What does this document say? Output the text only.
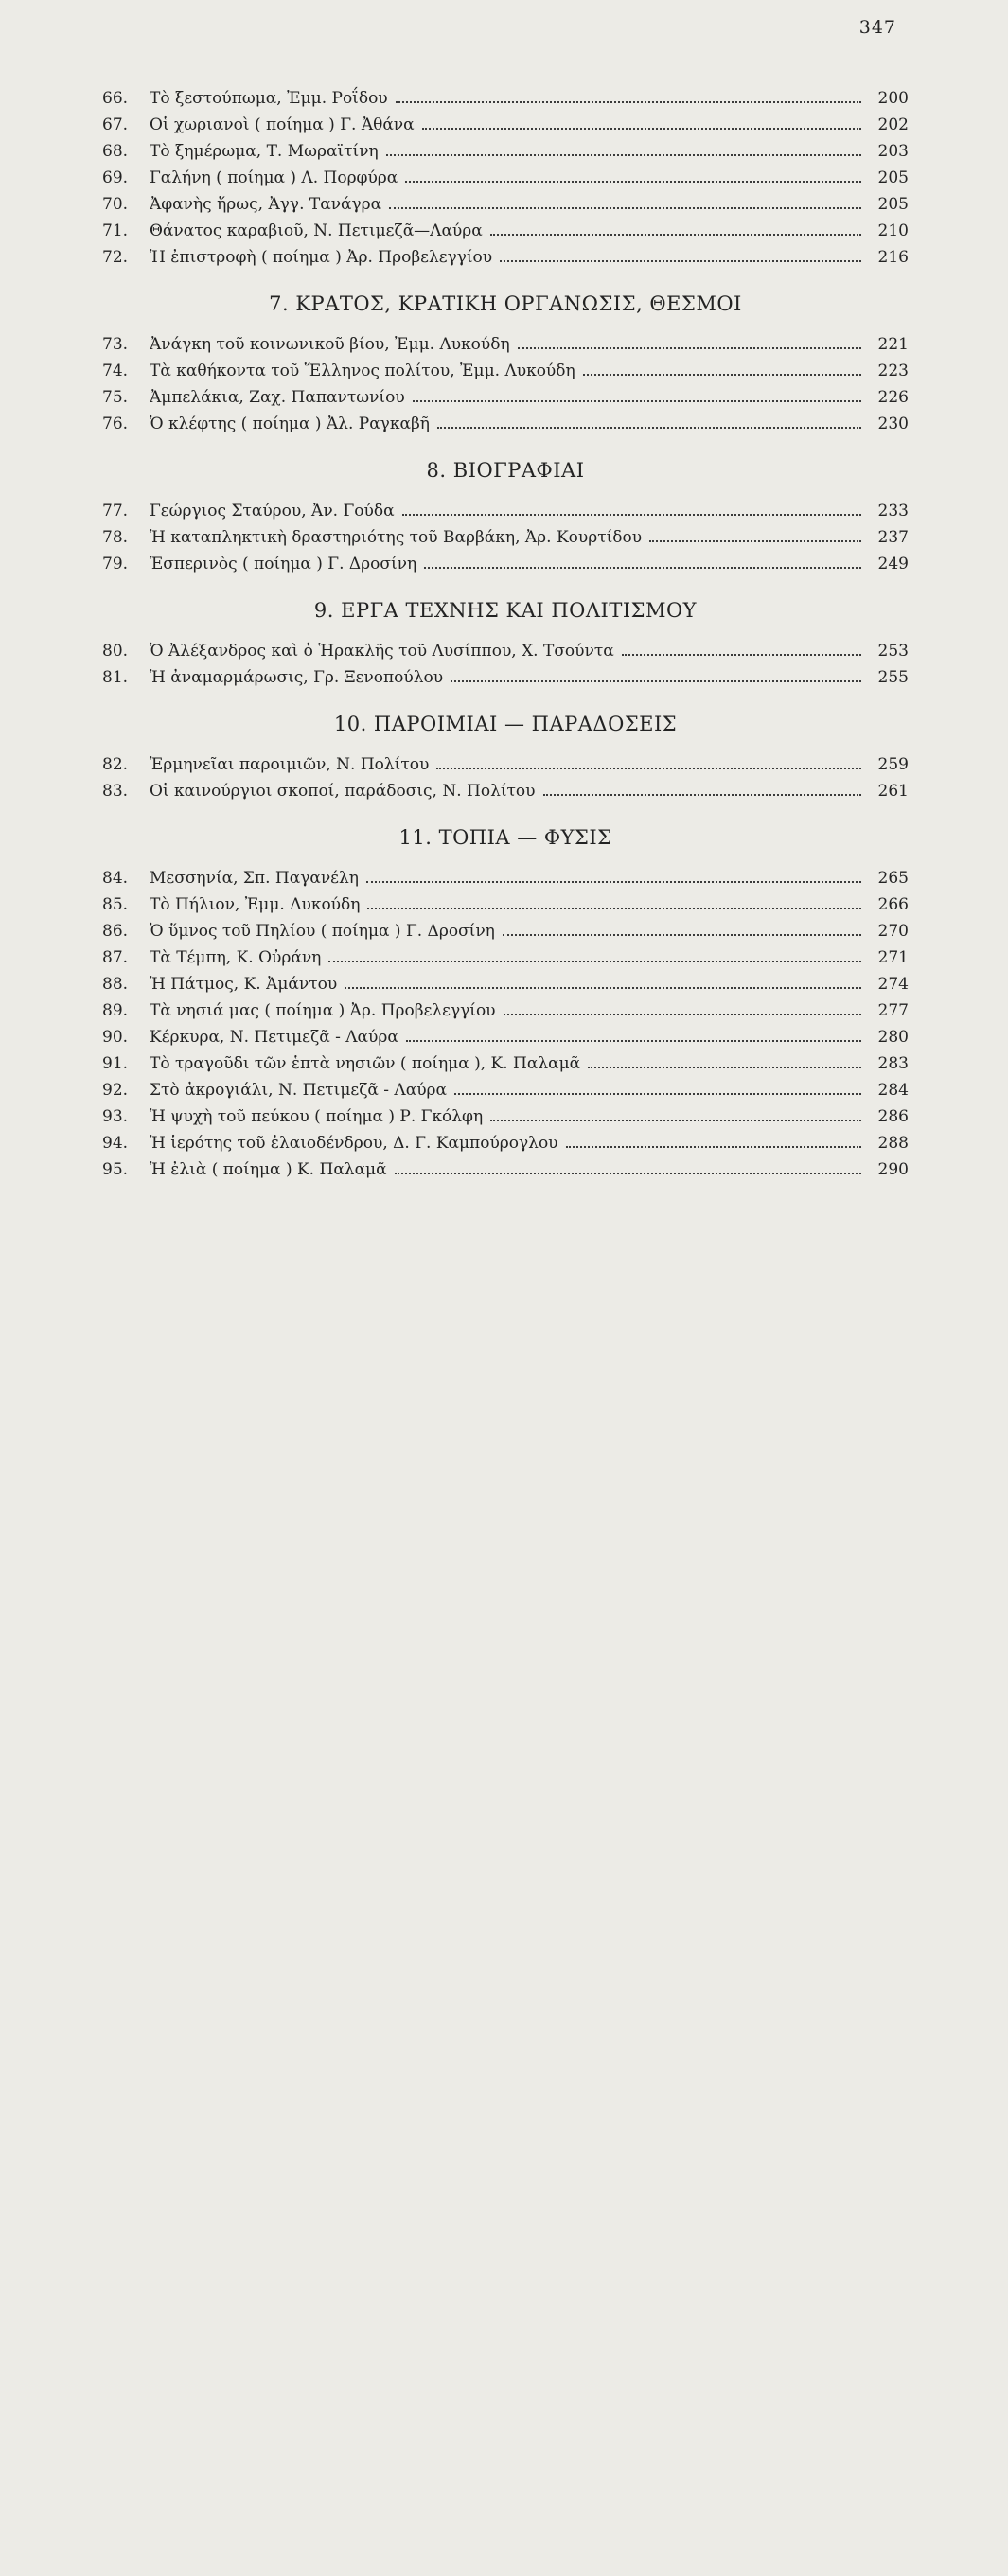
347
66.	Τὸ ξεστούπωμα, Ἐμμ. Ροΐδου	200
67.	Οἱ χωριανοὶ ( ποίημα ) Γ. Ἀθάνα	202
68.	Τὸ ξημέρωμα, Τ. Μωραϊτίνη	203
69.	Γαλήνη ( ποίημα ) Λ. Πορφύρα	205
70.	Ἀφανὴς ἥρως, Ἀγγ. Τανάγρα	205
71.	Θάνατος καραβιοῦ, Ν. Πετιμεζᾶ—Λαύρα	210
72.	Ἡ ἐπιστροφὴ ( ποίημα ) Ἀρ. Προβελεγγίου	216
7. ΚΡΑΤΟΣ, ΚΡΑΤΙΚΗ ΟΡΓΑΝΩΣΙΣ, ΘΕΣΜΟΙ
73.	Ἀνάγκη τοῦ κοινωνικοῦ βίου, Ἐμμ. Λυκούδη	221
74.	Τὰ καθήκοντα τοῦ Ἕλληνος πολίτου, Ἐμμ. Λυκούδη	223
75.	Ἀμπελάκια, Ζαχ. Παπαντωνίου	226
76.	Ὁ κλέφτης ( ποίημα ) Ἀλ. Ραγκαβῆ	230
8. ΒΙΟΓΡΑΦΙΑΙ
77.	Γεώργιος Σταύρου, Ἀν. Γούδα	233
78.	Ἡ καταπληκτικὴ δραστηριότης τοῦ Βαρβάκη, Ἀρ. Κουρτίδου	237
79.	Ἑσπερινὸς ( ποίημα ) Γ. Δροσίνη	249
9. ΕΡΓΑ ΤΕΧΝΗΣ ΚΑΙ ΠΟΛΙΤΙΣΜΟΥ
80.	Ὁ Ἀλέξανδρος καὶ ὁ Ἡρακλῆς τοῦ Λυσίππου, Χ. Τσούντα	253
81.	Ἡ ἀναμαρμάρωσις, Γρ. Ξενοπούλου	255
10. ΠΑΡΟΙΜΙΑΙ — ΠΑΡΑΔΟΣΕΙΣ
82.	Ἑρμηνεῖαι παροιμιῶν, Ν. Πολίτου	259
83.	Οἱ καινούργιοι σκοποί, παράδοσις, Ν. Πολίτου	261
11. ΤΟΠΙΑ — ΦΥΣΙΣ
84.	Μεσσηνία, Σπ. Παγανέλη	265
85.	Τὸ Πήλιον, Ἐμμ. Λυκούδη	266
86.	Ὁ ὕμνος τοῦ Πηλίου ( ποίημα ) Γ. Δροσίνη	270
87.	Τὰ Τέμπη, Κ. Οὐράνη	271
88.	Ἡ Πάτμος, Κ. Ἀμάντου	274
89.	Τὰ νησιά μας ( ποίημα ) Ἀρ. Προβελεγγίου	277
90.	Κέρκυρα, Ν. Πετιμεζᾶ - Λαύρα	280
91.	Τὸ τραγοῦδι τῶν ἑπτὰ νησιῶν ( ποίημα ), Κ. Παλαμᾶ	283
92.	Στὸ ἀκρογιάλι, Ν. Πετιμεζᾶ - Λαύρα	284
93.	Ἡ ψυχὴ τοῦ πεύκου ( ποίημα ) Ρ. Γκόλφη	286
94.	Ἡ ἱερότης τοῦ ἐλαιοδένδρου, Δ. Γ. Καμπούρογλου	288
95.	Ἡ ἐλιὰ ( ποίημα ) Κ. Παλαμᾶ	290
